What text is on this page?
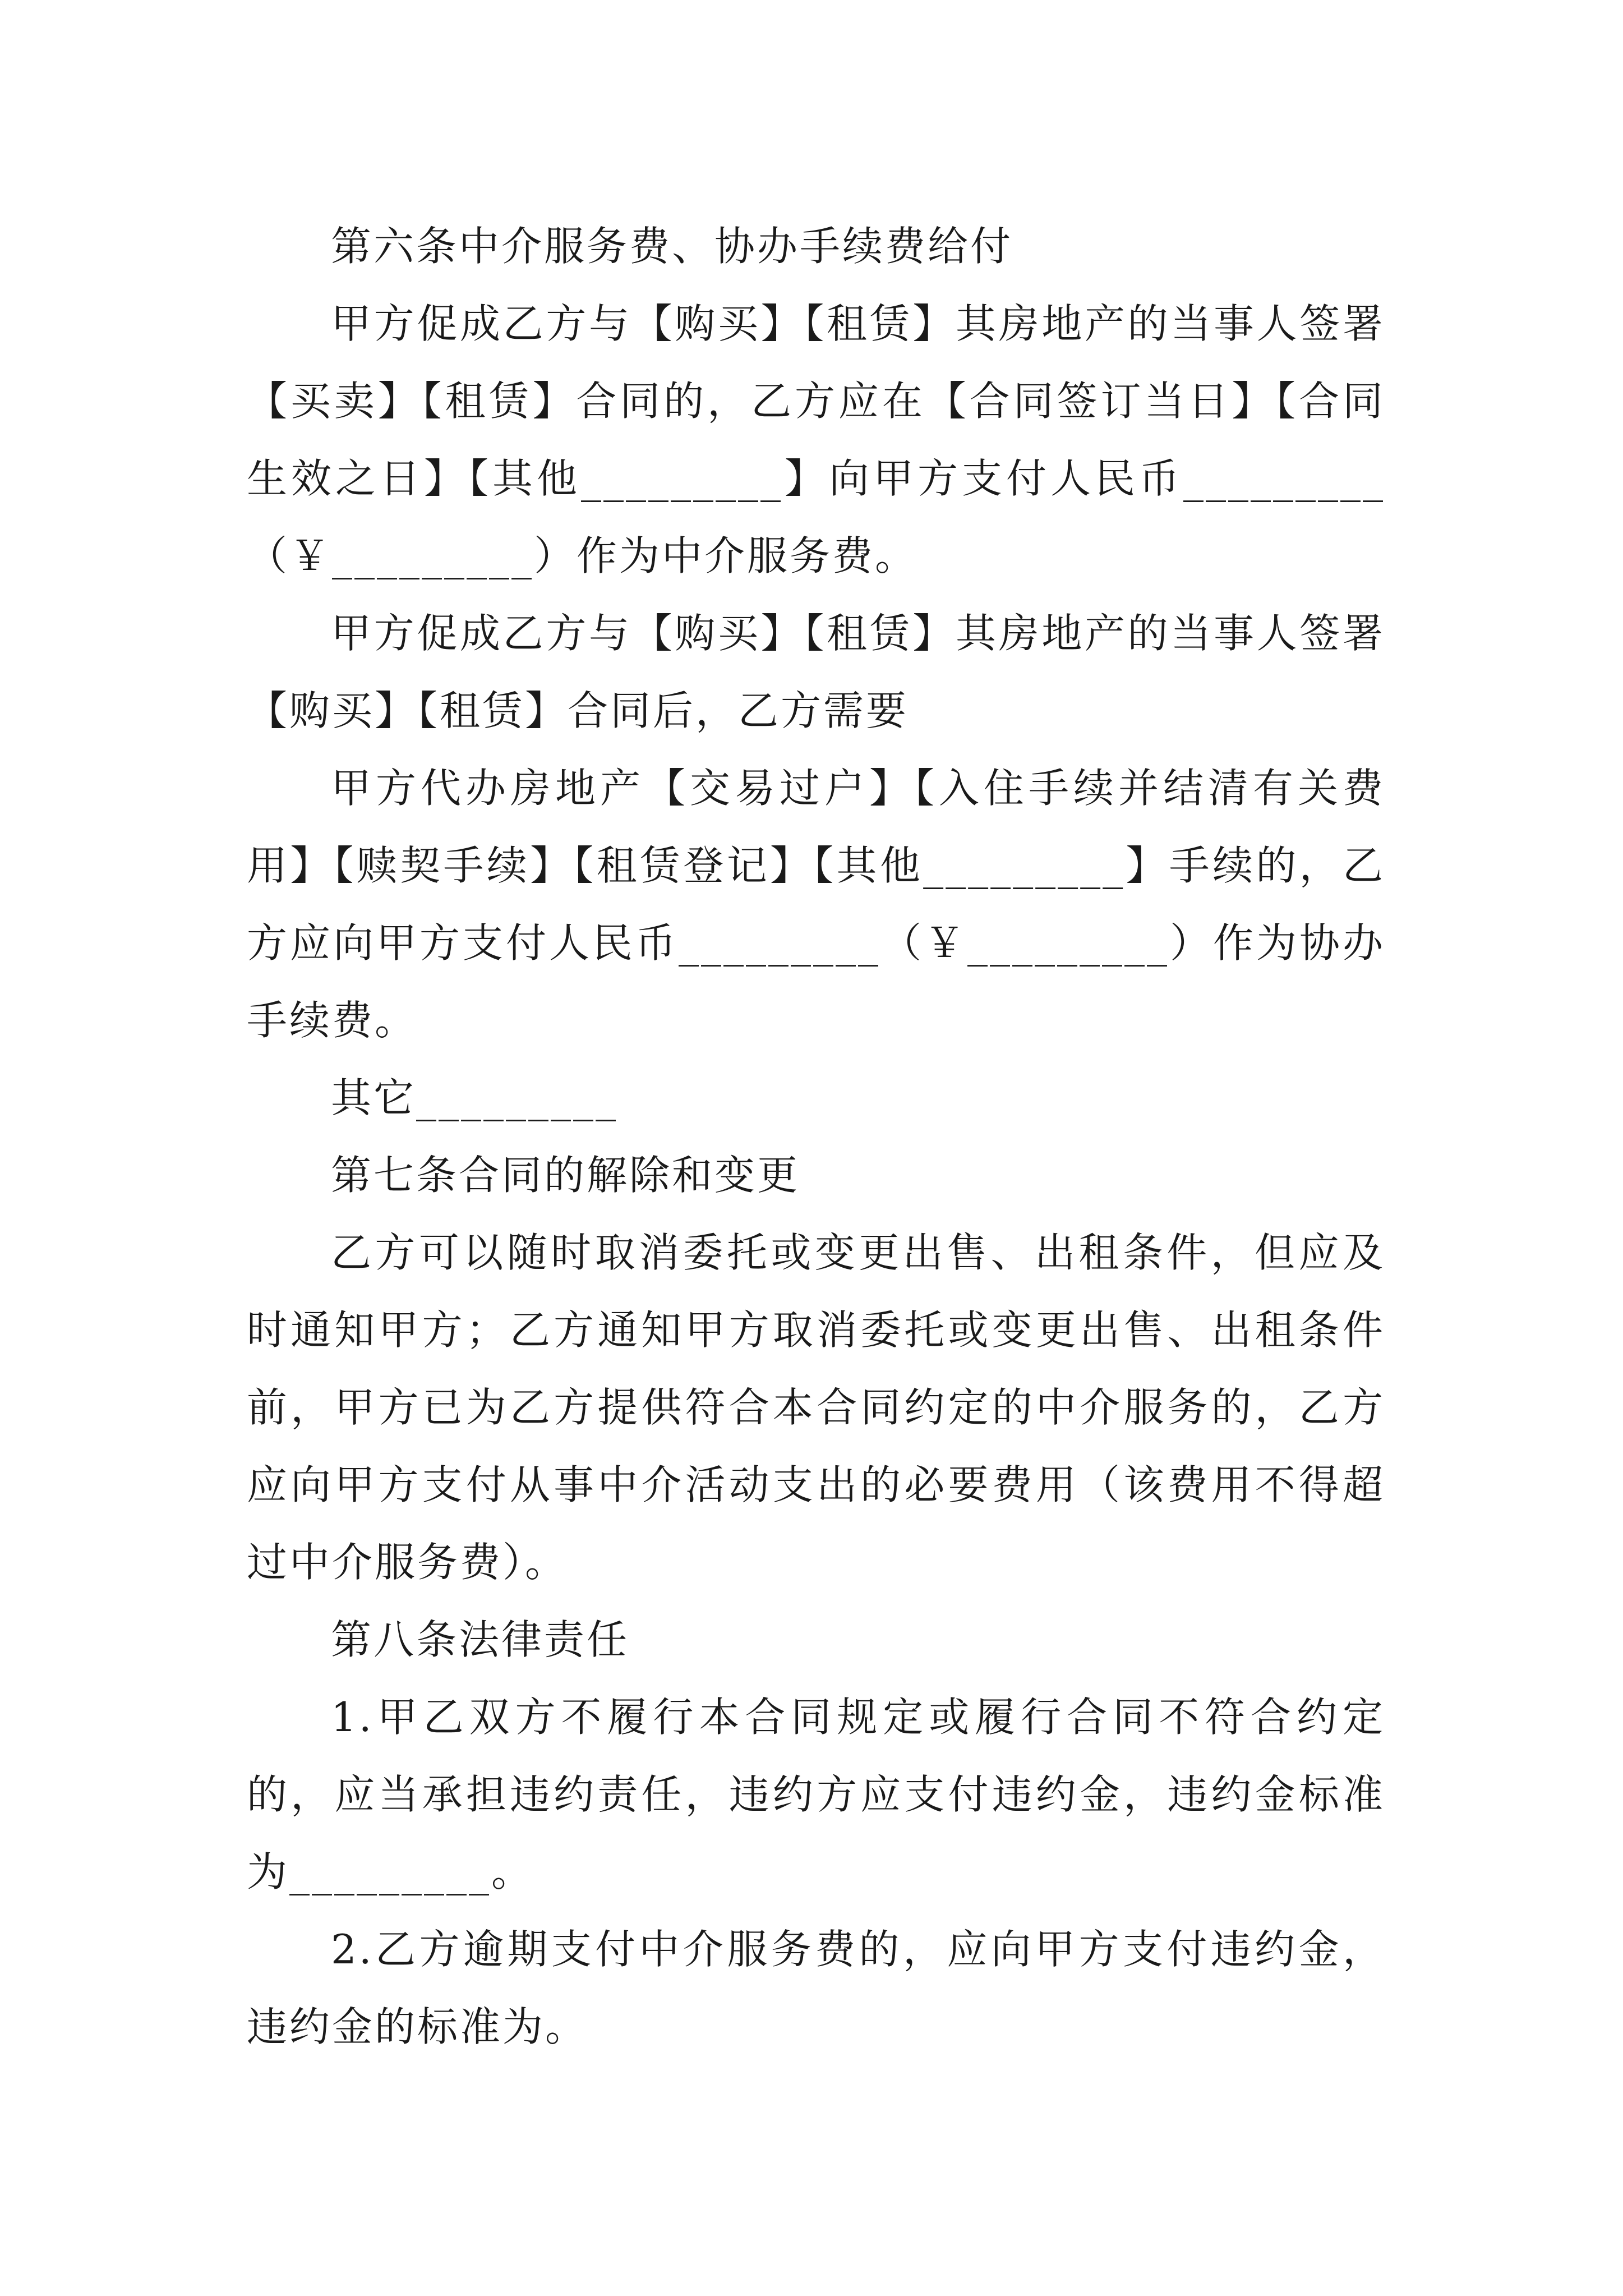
第六条中介服务费、协办手续费给付

甲方促成乙方与【购买】【租赁】其房地产的当事人签署【买卖】【租赁】合同的，乙方应在【合同签订当日】【合同生效之日】【其他_________】向甲方支付人民币_________（￥_________）作为中介服务费。

甲方促成乙方与【购买】【租赁】其房地产的当事人签署【购买】【租赁】合同后，乙方需要

甲方代办房地产【交易过户】【入住手续并结清有关费用】【赎契手续】【租赁登记】【其他_________】手续的，乙方应向甲方支付人民币_________（￥_________）作为协办手续费。

其它_________

第七条合同的解除和变更

乙方可以随时取消委托或变更出售、出租条件，但应及时通知甲方；乙方通知甲方取消委托或变更出售、出租条件前，甲方已为乙方提供符合本合同约定的中介服务的，乙方应向甲方支付从事中介活动支出的必要费用（该费用不得超过中介服务费）。

第八条法律责任

1.甲乙双方不履行本合同规定或履行合同不符合约定的，应当承担违约责任，违约方应支付违约金，违约金标准为_________。

2.乙方逾期支付中介服务费的，应向甲方支付违约金，违约金的标准为。
